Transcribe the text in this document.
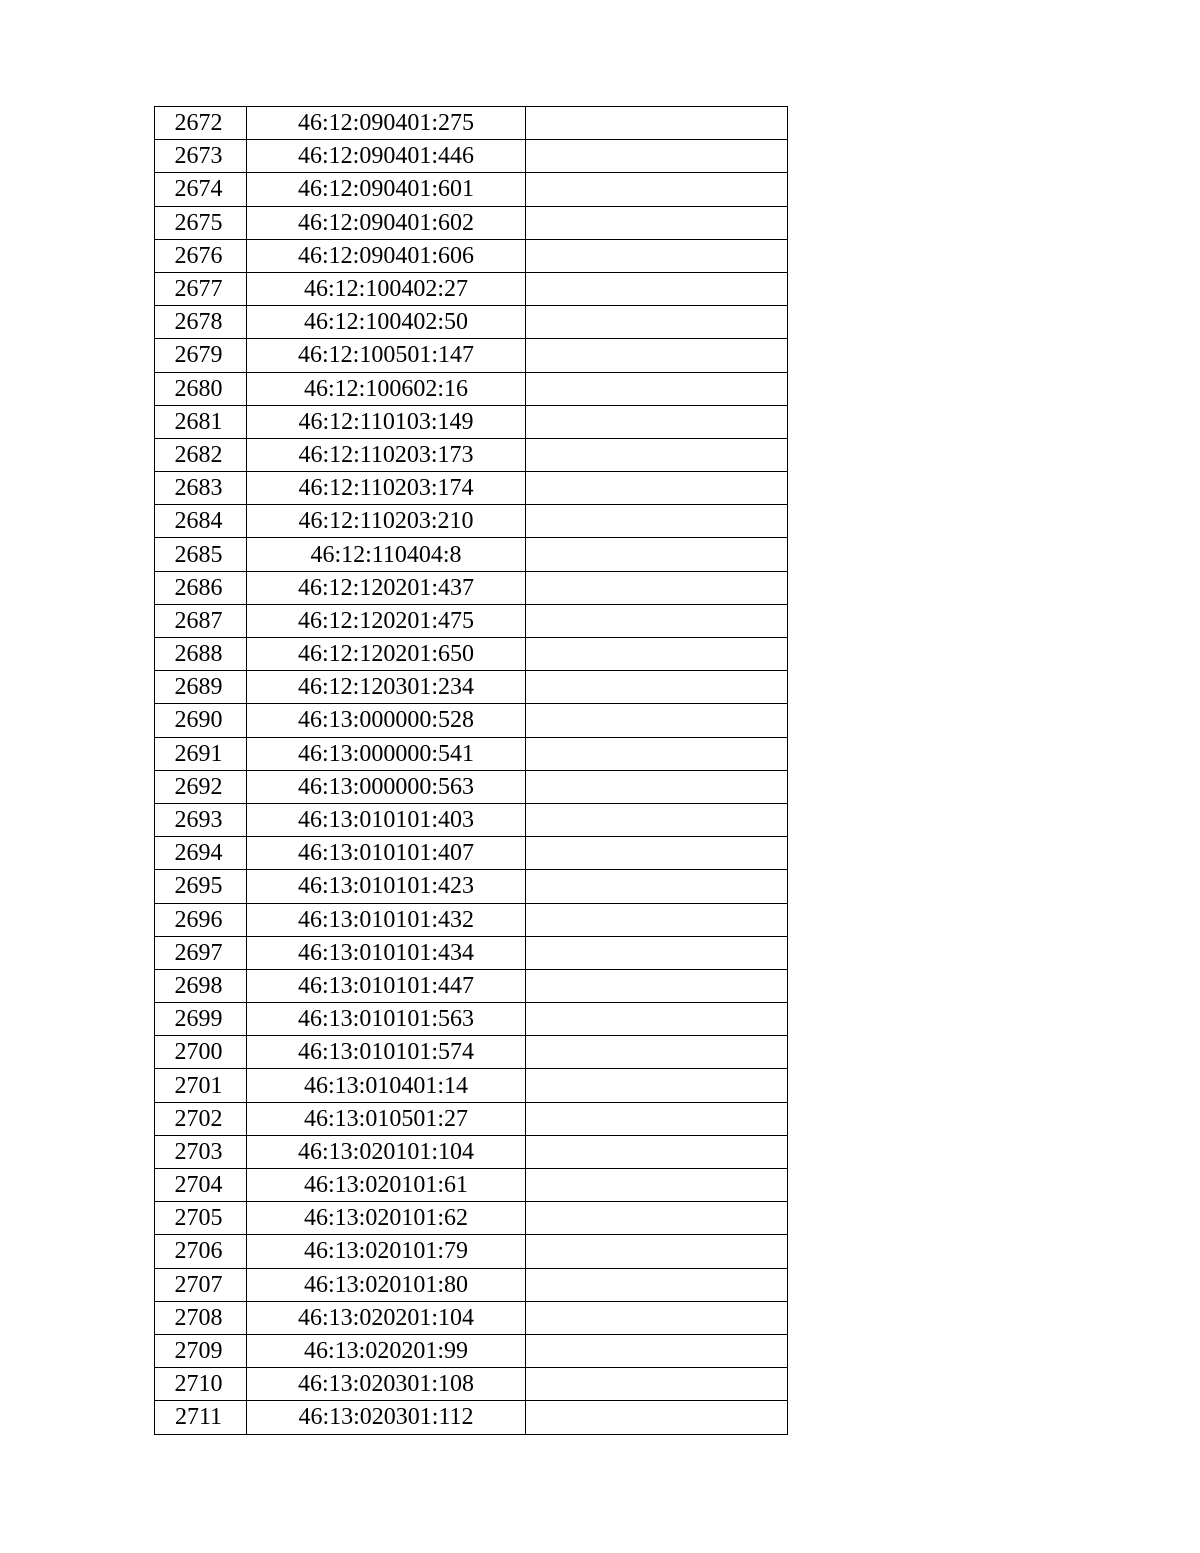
2672	46:12:090401:275	
2673	46:12:090401:446	
2674	46:12:090401:601	
2675	46:12:090401:602	
2676	46:12:090401:606	
2677	46:12:100402:27	
2678	46:12:100402:50	
2679	46:12:100501:147	
2680	46:12:100602:16	
2681	46:12:110103:149	
2682	46:12:110203:173	
2683	46:12:110203:174	
2684	46:12:110203:210	
2685	46:12:110404:8	
2686	46:12:120201:437	
2687	46:12:120201:475	
2688	46:12:120201:650	
2689	46:12:120301:234	
2690	46:13:000000:528	
2691	46:13:000000:541	
2692	46:13:000000:563	
2693	46:13:010101:403	
2694	46:13:010101:407	
2695	46:13:010101:423	
2696	46:13:010101:432	
2697	46:13:010101:434	
2698	46:13:010101:447	
2699	46:13:010101:563	
2700	46:13:010101:574	
2701	46:13:010401:14	
2702	46:13:010501:27	
2703	46:13:020101:104	
2704	46:13:020101:61	
2705	46:13:020101:62	
2706	46:13:020101:79	
2707	46:13:020101:80	
2708	46:13:020201:104	
2709	46:13:020201:99	
2710	46:13:020301:108	
2711	46:13:020301:112	
